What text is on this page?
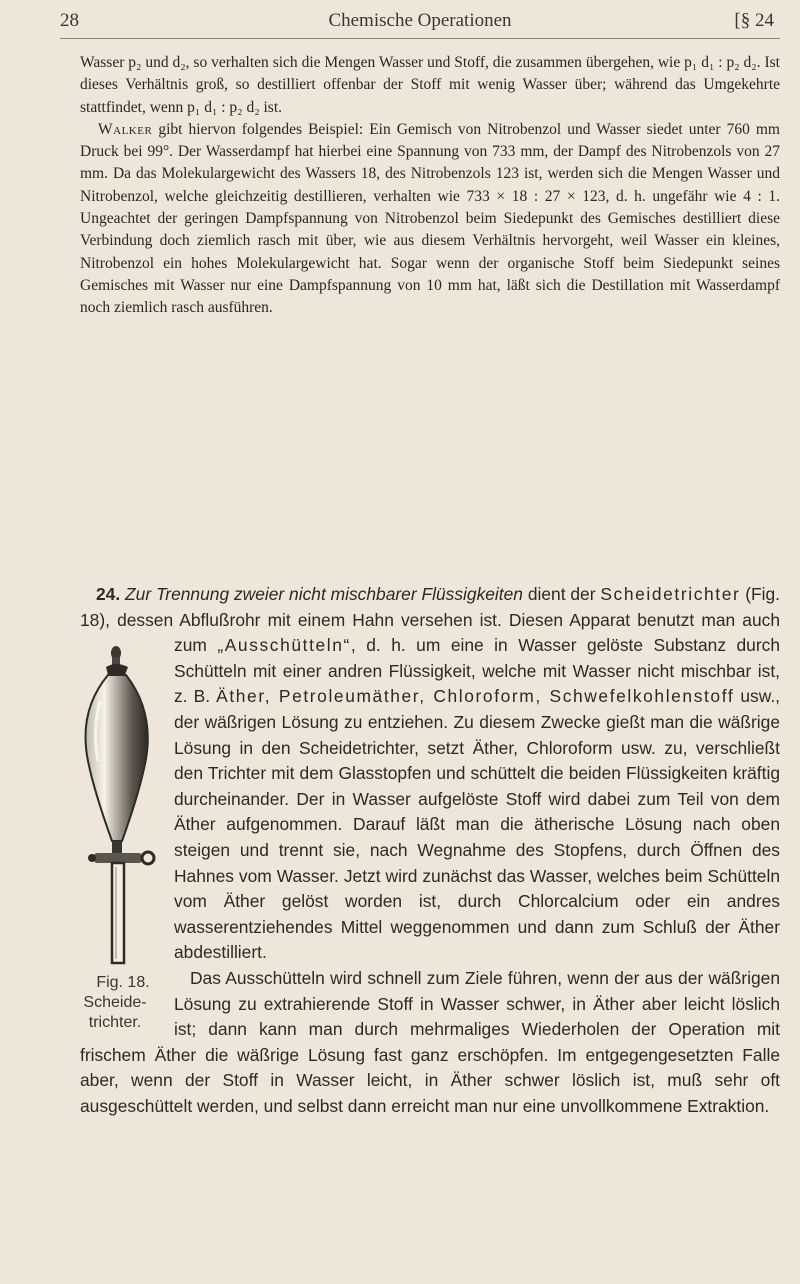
28	Chemische Operationen	[§ 24

Wasser p₂ und d₂, so verhalten sich die Mengen Wasser und Stoff, die zusammen übergehen, wie p₁ d₁ : p₂ d₂. Ist dieses Verhältnis groß, so destilliert offenbar der Stoff mit wenig Wasser über; während das Umgekehrte stattfindet, wenn p₁ d₁ : p₂ d₂ ist.

Walker gibt hiervon folgendes Beispiel: Ein Gemisch von Nitrobenzol und Wasser siedet unter 760 mm Druck bei 99°. Der Wasserdampf hat hierbei eine Spannung von 733 mm, der Dampf des Nitrobenzols von 27 mm. Da das Molekulargewicht des Wassers 18, des Nitrobenzols 123 ist, werden sich die Mengen Wasser und Nitrobenzol, welche gleichzeitig destillieren, verhalten wie 733 × 18 : 27 × 123, d. h. ungefähr wie 4 : 1. Ungeachtet der geringen Dampfspannung von Nitrobenzol beim Siedepunkt des Gemisches destilliert diese Verbindung doch ziemlich rasch mit über, wie aus diesem Verhältnis hervorgeht, weil Wasser ein kleines, Nitrobenzol ein hohes Molekulargewicht hat. Sogar wenn der organische Stoff beim Siedepunkt seines Gemisches mit Wasser nur eine Dampfspannung von 10 mm hat, läßt sich die Destillation mit Wasserdampf noch ziemlich rasch ausführen.

24. Zur Trennung zweier nicht mischbarer Flüssigkeiten dient der Scheidetrichter (Fig. 18), dessen Abflußrohr mit einem Hahn versehen ist. Diesen Apparat benutzt man auch zum
Fig. 18.
Scheide-
trichter.
„Ausschütteln“, d. h. um eine in Wasser gelöste Substanz durch Schütteln mit einer andren Flüssigkeit, welche mit Wasser nicht mischbar ist, z. B. Äther, Petroleumäther, Chloroform, Schwefelkohlenstoff usw., der wäßrigen Lösung zu entziehen. Zu diesem Zwecke gießt man die wäßrige Lösung in den Scheidetrichter, setzt Äther, Chloroform usw. zu, verschließt den Trichter mit dem Glasstopfen und schüttelt die beiden Flüssigkeiten kräftig durcheinander. Der in Wasser aufgelöste Stoff wird dabei zum Teil von dem Äther aufgenommen. Darauf läßt man die ätherische Lösung nach oben steigen und trennt sie, nach Wegnahme des Stopfens, durch Öffnen des Hahnes vom Wasser. Jetzt wird zunächst das Wasser, welches beim Schütteln vom Äther gelöst worden ist, durch Chlorcalcium oder ein andres wasserentziehendes Mittel weggenommen und dann zum Schluß der Äther abdestilliert.

Das Ausschütteln wird schnell zum Ziele führen, wenn der aus der wäßrigen Lösung zu extrahierende Stoff in Wasser schwer, in Äther aber leicht löslich ist; dann kann man durch mehrmaliges Wiederholen der Operation mit frischem Äther die wäßrige Lösung fast ganz erschöpfen. Im entgegengesetzten Falle aber, wenn der Stoff in Wasser leicht, in Äther schwer löslich ist, muß sehr oft ausgeschüttelt werden, und selbst dann erreicht man nur eine unvollkommene Extraktion.
